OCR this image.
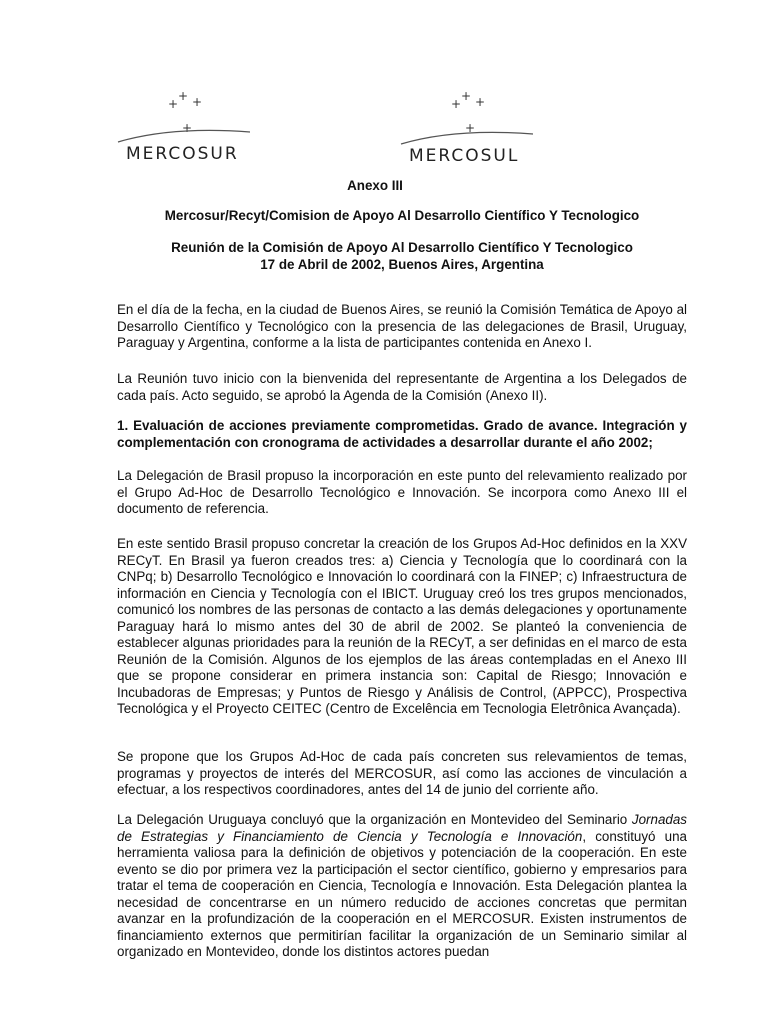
+
+ +
+
MERCOSUR
+
+ +
+
MERCOSUL
Anexo III
Mercosur/Recyt/Comision de Apoyo Al Desarrollo Científico Y Tecnologico
Reunión de la Comisión de Apoyo Al Desarrollo Científico Y Tecnologico
17 de Abril de 2002, Buenos Aires, Argentina

En el día de la fecha, en la ciudad de Buenos Aires, se reunió la Comisión Temática de Apoyo al Desarrollo Científico y Tecnológico con la presencia de las delegaciones de Brasil, Uruguay, Paraguay y Argentina, conforme a la lista de participantes contenida en Anexo I.

La Reunión tuvo inicio con la bienvenida del representante de Argentina a los Delegados de cada país. Acto seguido, se aprobó la Agenda de la Comisión (Anexo II).

1. Evaluación de acciones previamente comprometidas. Grado de avance. Integración y complementación con cronograma de actividades a desarrollar durante el año 2002;

La Delegación de Brasil propuso la incorporación en este punto del relevamiento realizado por el Grupo Ad-Hoc de Desarrollo Tecnológico e Innovación. Se incorpora como Anexo III el documento de referencia.

En este sentido Brasil propuso concretar la creación de los Grupos Ad-Hoc definidos en la XXV RECyT. En Brasil ya fueron creados tres: a) Ciencia y Tecnología que lo coordinará con la CNPq; b) Desarrollo Tecnológico e Innovación lo coordinará con la FINEP; c) Infraestructura de información en Ciencia y Tecnología con el IBICT. Uruguay creó los tres grupos mencionados, comunicó los nombres de las personas de contacto a las demás delegaciones y oportunamente Paraguay hará lo mismo antes del 30 de abril de 2002. Se planteó la conveniencia de establecer algunas prioridades para la reunión de la RECyT, a ser definidas en el marco de esta Reunión de la Comisión. Algunos de los ejemplos de las áreas contempladas en el Anexo III que se propone considerar en primera instancia son: Capital de Riesgo; Innovación e Incubadoras de Empresas; y Puntos de Riesgo y Análisis de Control, (APPCC), Prospectiva Tecnológica y el Proyecto CEITEC (Centro de Excelência em Tecnologia Eletrônica Avançada).

Se propone que los Grupos Ad-Hoc de cada país concreten sus relevamientos de temas, programas y proyectos de interés del MERCOSUR, así como las acciones de vinculación a efectuar, a los respectivos coordinadores, antes del 14 de junio del corriente año.

La Delegación Uruguaya concluyó que la organización en Montevideo del Seminario Jornadas de Estrategias y Financiamiento de Ciencia y Tecnología e Innovación, constituyó una herramienta valiosa para la definición de objetivos y potenciación de la cooperación. En este evento se dio por primera vez la participación el sector científico, gobierno y empresarios para tratar el tema de cooperación en Ciencia, Tecnología e Innovación. Esta Delegación plantea la necesidad de concentrarse en un número reducido de acciones concretas que permitan avanzar en la profundización de la cooperación en el MERCOSUR. Existen instrumentos de financiamiento externos que permitirían facilitar la organización de un Seminario similar al organizado en Montevideo, donde los distintos actores puedan
